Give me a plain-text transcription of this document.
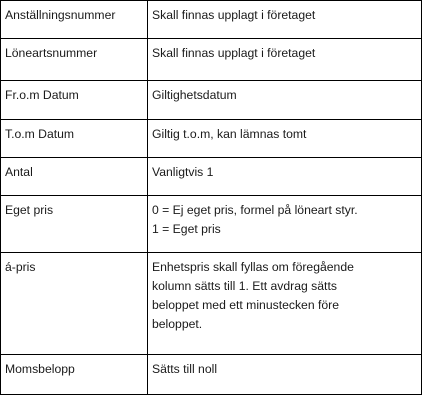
Anställningsnummer	Skall finnas upplagt i företaget

Löneartsnummer	Skall finnas upplagt i företaget

Fr.o.m Datum	Giltighetsdatum

T.o.m Datum	Giltig t.o.m, kan lämnas tomt

Antal	Vanligtvis 1

Eget pris	0 = Ej eget pris, formel på löneart styr.
1 = Eget pris

á-pris	Enhetspris skall fyllas om föregående
kolumn sätts till 1. Ett avdrag sätts
beloppet med ett minustecken före
beloppet.

Momsbelopp	Sätts till noll
